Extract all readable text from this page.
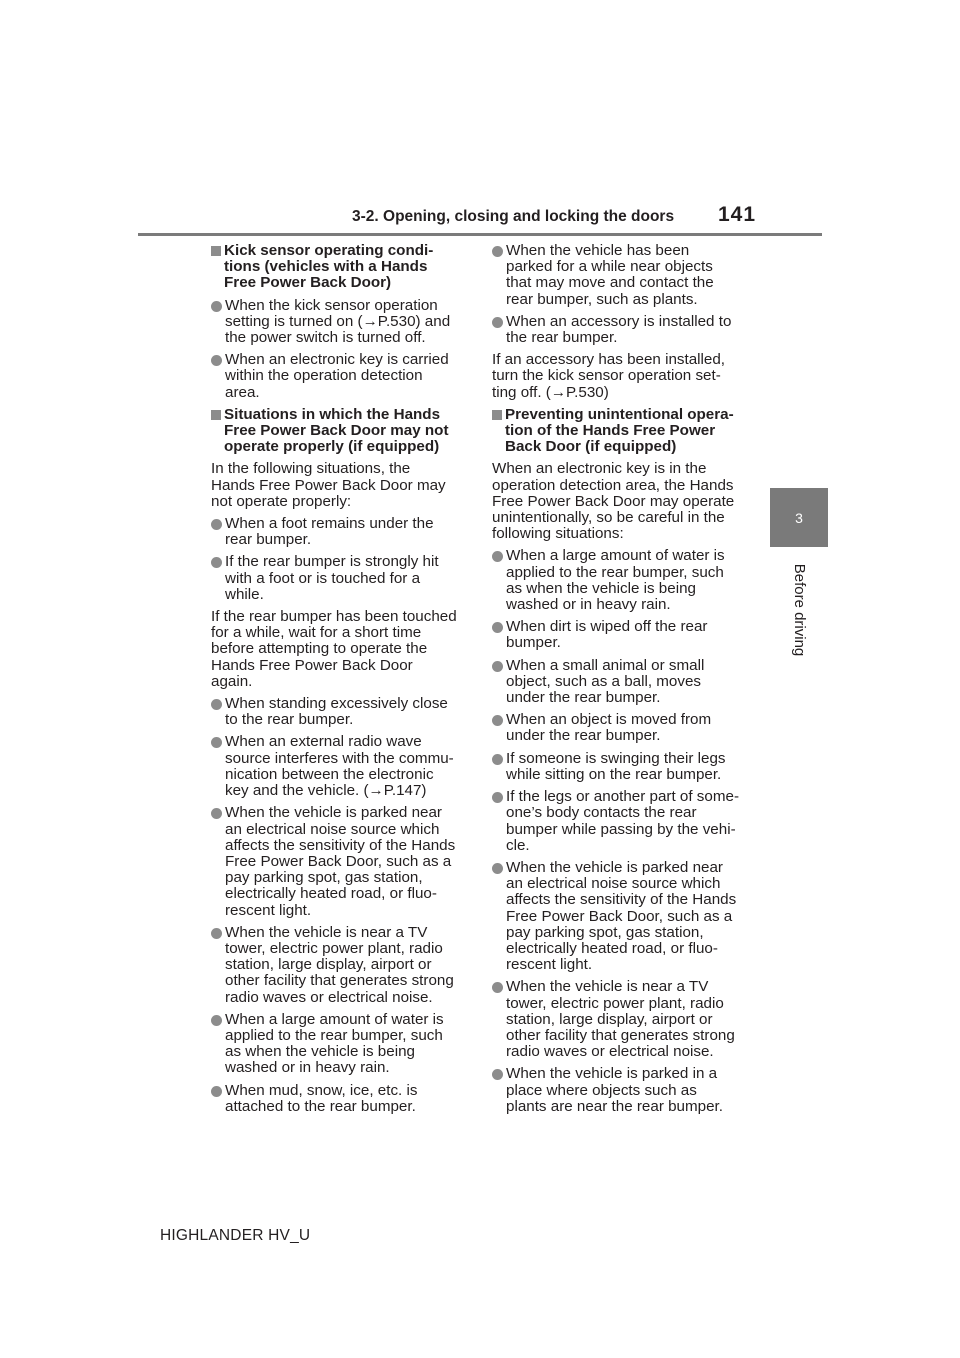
3-2. Opening, closing and locking the doors	141
3
Before driving
Kick sensor operating condi-
tions (vehicles with a Hands
Free Power Back Door)
When the kick sensor operation
setting is turned on (→P.530) and
the power switch is turned off.
When an electronic key is carried
within the operation detection
area.
Situations in which the Hands
Free Power Back Door may not
operate properly (if equipped)
In the following situations, the
Hands Free Power Back Door may
not operate properly:
When a foot remains under the
rear bumper.
If the rear bumper is strongly hit
with a foot or is touched for a
while.
If the rear bumper has been touched
for a while, wait for a short time
before attempting to operate the
Hands Free Power Back Door
again.
When standing excessively close
to the rear bumper.
When an external radio wave
source interferes with the commu-
nication between the electronic
key and the vehicle. (→P.147)
When the vehicle is parked near
an electrical noise source which
affects the sensitivity of the Hands
Free Power Back Door, such as a
pay parking spot, gas station,
electrically heated road, or fluo-
rescent light.
When the vehicle is near a TV
tower, electric power plant, radio
station, large display, airport or
other facility that generates strong
radio waves or electrical noise.
When a large amount of water is
applied to the rear bumper, such
as when the vehicle is being
washed or in heavy rain.
When mud, snow, ice, etc. is
attached to the rear bumper.
When the vehicle has been
parked for a while near objects
that may move and contact the
rear bumper, such as plants.
When an accessory is installed to
the rear bumper.
If an accessory has been installed,
turn the kick sensor operation set-
ting off. (→P.530)
Preventing unintentional opera-
tion of the Hands Free Power
Back Door (if equipped)
When an electronic key is in the
operation detection area, the Hands
Free Power Back Door may operate
unintentionally, so be careful in the
following situations:
When a large amount of water is
applied to the rear bumper, such
as when the vehicle is being
washed or in heavy rain.
When dirt is wiped off the rear
bumper.
When a small animal or small
object, such as a ball, moves
under the rear bumper.
When an object is moved from
under the rear bumper.
If someone is swinging their legs
while sitting on the rear bumper.
If the legs or another part of some-
one’s body contacts the rear
bumper while passing by the vehi-
cle.
When the vehicle is parked near
an electrical noise source which
affects the sensitivity of the Hands
Free Power Back Door, such as a
pay parking spot, gas station,
electrically heated road, or fluo-
rescent light.
When the vehicle is near a TV
tower, electric power plant, radio
station, large display, airport or
other facility that generates strong
radio waves or electrical noise.
When the vehicle is parked in a
place where objects such as
plants are near the rear bumper.
HIGHLANDER HV_U
